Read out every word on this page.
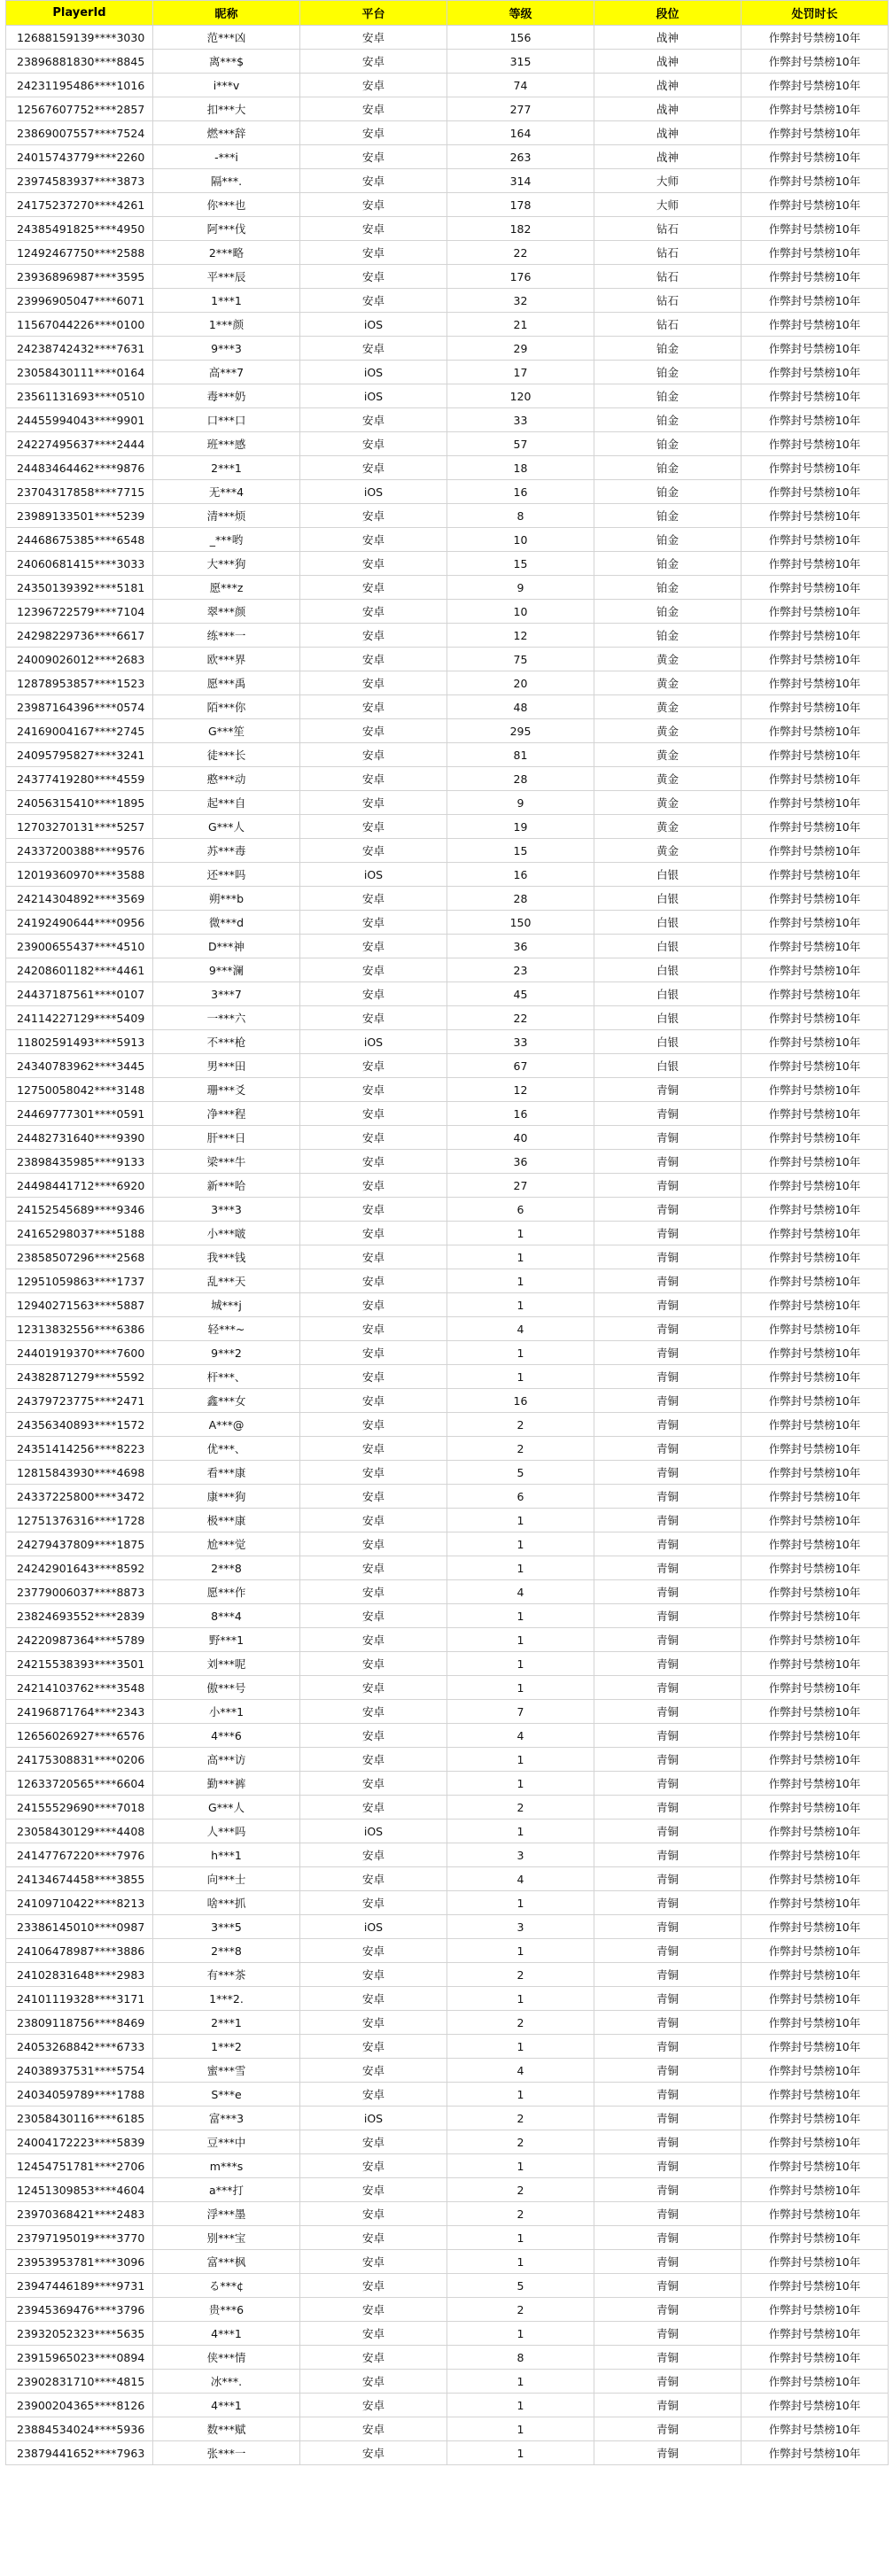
PlayerId	昵称	平台	等级	段位	处罚时长
12688159139****3030	范***凶	安卓	156	战神	作弊封号禁榜10年
23896881830****8845	离***$	安卓	315	战神	作弊封号禁榜10年
24231195486****1016	i***v	安卓	74	战神	作弊封号禁榜10年
12567607752****2857	扣***大	安卓	277	战神	作弊封号禁榜10年
23869007557****7524	燃***辞	安卓	164	战神	作弊封号禁榜10年
24015743779****2260	-***i	安卓	263	战神	作弊封号禁榜10年
23974583937****3873	隔***.	安卓	314	大师	作弊封号禁榜10年
24175237270****4261	你***也	安卓	178	大师	作弊封号禁榜10年
24385491825****4950	阿***伐	安卓	182	钻石	作弊封号禁榜10年
12492467750****2588	2***略	安卓	22	钻石	作弊封号禁榜10年
23936896987****3595	平***辰	安卓	176	钻石	作弊封号禁榜10年
23996905047****6071	1***1	安卓	32	钻石	作弊封号禁榜10年
11567044226****0100	1***颜	iOS	21	钻石	作弊封号禁榜10年
24238742432****7631	9***3	安卓	29	铂金	作弊封号禁榜10年
23058430111****0164	高***7	iOS	17	铂金	作弊封号禁榜10年
23561131693****0510	毒***奶	iOS	120	铂金	作弊封号禁榜10年
24455994043****9901	口***口	安卓	33	铂金	作弊封号禁榜10年
24227495637****2444	班***感	安卓	57	铂金	作弊封号禁榜10年
24483464462****9876	2***1	安卓	18	铂金	作弊封号禁榜10年
23704317858****7715	无***4	iOS	16	铂金	作弊封号禁榜10年
23989133501****5239	清***烦	安卓	8	铂金	作弊封号禁榜10年
24468675385****6548	_***哟	安卓	10	铂金	作弊封号禁榜10年
24060681415****3033	大***狗	安卓	15	铂金	作弊封号禁榜10年
24350139392****5181	愿***z	安卓	9	铂金	作弊封号禁榜10年
12396722579****7104	翠***颜	安卓	10	铂金	作弊封号禁榜10年
24298229736****6617	练***一	安卓	12	铂金	作弊封号禁榜10年
24009026012****2683	欧***界	安卓	75	黄金	作弊封号禁榜10年
12878953857****1523	愿***禹	安卓	20	黄金	作弊封号禁榜10年
23987164396****0574	陌***你	安卓	48	黄金	作弊封号禁榜10年
24169004167****2745	G***笙	安卓	295	黄金	作弊封号禁榜10年
24095795827****3241	徒***长	安卓	81	黄金	作弊封号禁榜10年
24377419280****4559	憨***动	安卓	28	黄金	作弊封号禁榜10年
24056315410****1895	起***自	安卓	9	黄金	作弊封号禁榜10年
12703270131****5257	G***人	安卓	19	黄金	作弊封号禁榜10年
24337200388****9576	苏***毒	安卓	15	黄金	作弊封号禁榜10年
12019360970****3588	还***吗	iOS	16	白银	作弊封号禁榜10年
24214304892****3569	朔***b	安卓	28	白银	作弊封号禁榜10年
24192490644****0956	微***d	安卓	150	白银	作弊封号禁榜10年
23900655437****4510	D***神	安卓	36	白银	作弊封号禁榜10年
24208601182****4461	9***澜	安卓	23	白银	作弊封号禁榜10年
24437187561****0107	3***7	安卓	45	白银	作弊封号禁榜10年
24114227129****5409	一***六	安卓	22	白银	作弊封号禁榜10年
11802591493****5913	不***枪	iOS	33	白银	作弊封号禁榜10年
24340783962****3445	男***田	安卓	67	白银	作弊封号禁榜10年
12750058042****3148	珊***爻	安卓	12	青铜	作弊封号禁榜10年
24469777301****0591	净***程	安卓	16	青铜	作弊封号禁榜10年
24482731640****9390	肝***日	安卓	40	青铜	作弊封号禁榜10年
23898435985****9133	梁***牛	安卓	36	青铜	作弊封号禁榜10年
24498441712****6920	新***哈	安卓	27	青铜	作弊封号禁榜10年
24152545689****9346	3***3	安卓	6	青铜	作弊封号禁榜10年
24165298037****5188	小***啵	安卓	1	青铜	作弊封号禁榜10年
23858507296****2568	我***钱	安卓	1	青铜	作弊封号禁榜10年
12951059863****1737	乱***天	安卓	1	青铜	作弊封号禁榜10年
12940271563****5887	城***j	安卓	1	青铜	作弊封号禁榜10年
12313832556****6386	轻***~	安卓	4	青铜	作弊封号禁榜10年
24401919370****7600	9***2	安卓	1	青铜	作弊封号禁榜10年
24382871279****5592	杆***、	安卓	1	青铜	作弊封号禁榜10年
24379723775****2471	鑫***女	安卓	16	青铜	作弊封号禁榜10年
24356340893****1572	A***@	安卓	2	青铜	作弊封号禁榜10年
24351414256****8223	优***、	安卓	2	青铜	作弊封号禁榜10年
12815843930****4698	看***康	安卓	5	青铜	作弊封号禁榜10年
24337225800****3472	康***狗	安卓	6	青铜	作弊封号禁榜10年
12751376316****1728	极***康	安卓	1	青铜	作弊封号禁榜10年
24279437809****1875	尬***觉	安卓	1	青铜	作弊封号禁榜10年
24242901643****8592	2***8	安卓	1	青铜	作弊封号禁榜10年
23779006037****8873	愿***作	安卓	4	青铜	作弊封号禁榜10年
23824693552****2839	8***4	安卓	1	青铜	作弊封号禁榜10年
24220987364****5789	野***1	安卓	1	青铜	作弊封号禁榜10年
24215538393****3501	刘***呢	安卓	1	青铜	作弊封号禁榜10年
24214103762****3548	傲***号	安卓	1	青铜	作弊封号禁榜10年
24196871764****2343	小***1	安卓	7	青铜	作弊封号禁榜10年
12656026927****6576	4***6	安卓	4	青铜	作弊封号禁榜10年
24175308831****0206	高***访	安卓	1	青铜	作弊封号禁榜10年
12633720565****6604	勤***裤	安卓	1	青铜	作弊封号禁榜10年
24155529690****7018	G***人	安卓	2	青铜	作弊封号禁榜10年
23058430129****4408	人***吗	iOS	1	青铜	作弊封号禁榜10年
24147767220****7976	h***1	安卓	3	青铜	作弊封号禁榜10年
24134674458****3855	向***士	安卓	4	青铜	作弊封号禁榜10年
24109710422****8213	啥***抓	安卓	1	青铜	作弊封号禁榜10年
23386145010****0987	3***5	iOS	3	青铜	作弊封号禁榜10年
24106478987****3886	2***8	安卓	1	青铜	作弊封号禁榜10年
24102831648****2983	有***茶	安卓	2	青铜	作弊封号禁榜10年
24101119328****3171	1***2.	安卓	1	青铜	作弊封号禁榜10年
23809118756****8469	2***1	安卓	2	青铜	作弊封号禁榜10年
24053268842****6733	1***2	安卓	1	青铜	作弊封号禁榜10年
24038937531****5754	蜜***雪	安卓	4	青铜	作弊封号禁榜10年
24034059789****1788	S***e	安卓	1	青铜	作弊封号禁榜10年
23058430116****6185	富***3	iOS	2	青铜	作弊封号禁榜10年
24004172223****5839	豆***中	安卓	2	青铜	作弊封号禁榜10年
12454751781****2706	m***s	安卓	1	青铜	作弊封号禁榜10年
12451309853****4604	a***打	安卓	2	青铜	作弊封号禁榜10年
23970368421****2483	浮***墨	安卓	2	青铜	作弊封号禁榜10年
23797195019****3770	别***宝	安卓	1	青铜	作弊封号禁榜10年
23953953781****3096	富***枫	安卓	1	青铜	作弊封号禁榜10年
23947446189****9731	る***¢	安卓	5	青铜	作弊封号禁榜10年
23945369476****3796	贵***6	安卓	2	青铜	作弊封号禁榜10年
23932052323****5635	4***1	安卓	1	青铜	作弊封号禁榜10年
23915965023****0894	侠***情	安卓	8	青铜	作弊封号禁榜10年
23902831710****4815	冰***.	安卓	1	青铜	作弊封号禁榜10年
23900204365****8126	4***1	安卓	1	青铜	作弊封号禁榜10年
23884534024****5936	数***赋	安卓	1	青铜	作弊封号禁榜10年
23879441652****7963	张***一	安卓	1	青铜	作弊封号禁榜10年
